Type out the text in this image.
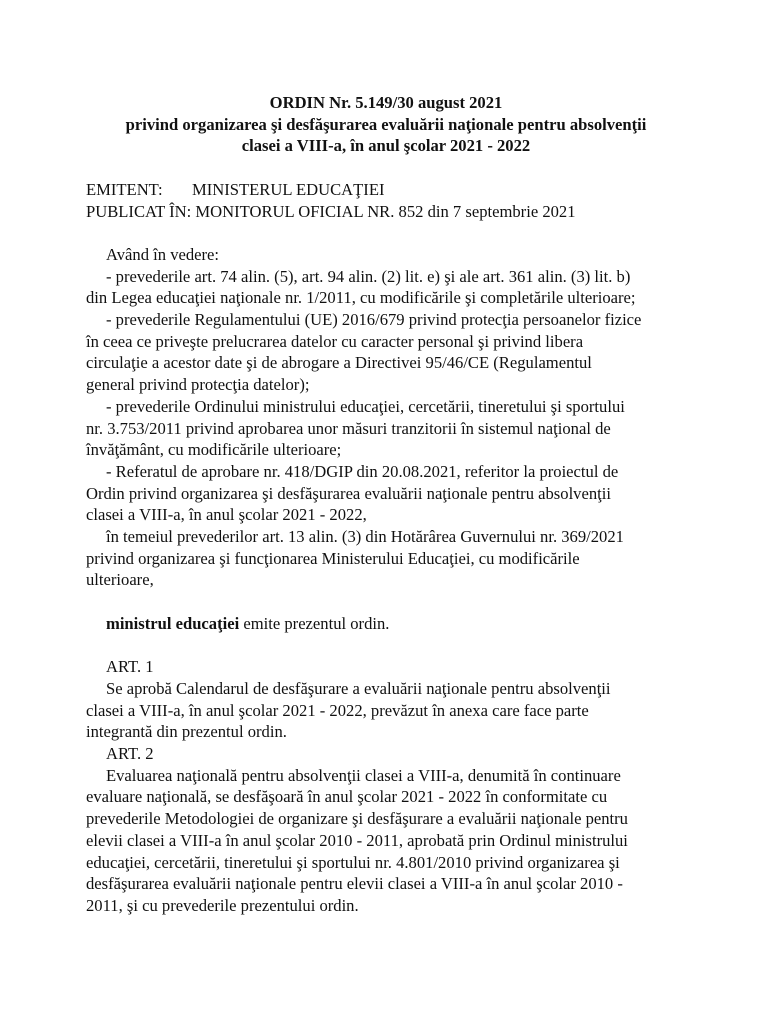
ORDIN Nr. 5.149/30 august 2021
privind organizarea şi desfăşurarea evaluării naţionale pentru absolvenţii
clasei a VIII-a, în anul şcolar 2021 - 2022
EMITENT: MINISTERUL EDUCAŢIEI
PUBLICAT ÎN: MONITORUL OFICIAL NR. 852 din 7 septembrie 2021
Având în vedere:
- prevederile art. 74 alin. (5), art. 94 alin. (2) lit. e) şi ale art. 361 alin. (3) lit. b)
din Legea educaţiei naţionale nr. 1/2011, cu modificările şi completările ulterioare;
- prevederile Regulamentului (UE) 2016/679 privind protecţia persoanelor fizice
în ceea ce priveşte prelucrarea datelor cu caracter personal şi privind libera
circulaţie a acestor date şi de abrogare a Directivei 95/46/CE (Regulamentul
general privind protecţia datelor);
- prevederile Ordinului ministrului educaţiei, cercetării, tineretului şi sportului
nr. 3.753/2011 privind aprobarea unor măsuri tranzitorii în sistemul naţional de
învăţământ, cu modificările ulterioare;
- Referatul de aprobare nr. 418/DGIP din 20.08.2021, referitor la proiectul de
Ordin privind organizarea şi desfăşurarea evaluării naţionale pentru absolvenţii
clasei a VIII-a, în anul şcolar 2021 - 2022,
în temeiul prevederilor art. 13 alin. (3) din Hotărârea Guvernului nr. 369/2021
privind organizarea şi funcţionarea Ministerului Educaţiei, cu modificările
ulterioare,
ministrul educaţiei emite prezentul ordin.
ART. 1
Se aprobă Calendarul de desfăşurare a evaluării naţionale pentru absolvenţii
clasei a VIII-a, în anul şcolar 2021 - 2022, prevăzut în anexa care face parte
integrantă din prezentul ordin.
ART. 2
Evaluarea naţională pentru absolvenţii clasei a VIII-a, denumită în continuare
evaluare naţională, se desfăşoară în anul şcolar 2021 - 2022 în conformitate cu
prevederile Metodologiei de organizare şi desfăşurare a evaluării naţionale pentru
elevii clasei a VIII-a în anul şcolar 2010 - 2011, aprobată prin Ordinul ministrului
educaţiei, cercetării, tineretului şi sportului nr. 4.801/2010 privind organizarea şi
desfăşurarea evaluării naţionale pentru elevii clasei a VIII-a în anul şcolar 2010 -
2011, şi cu prevederile prezentului ordin.
